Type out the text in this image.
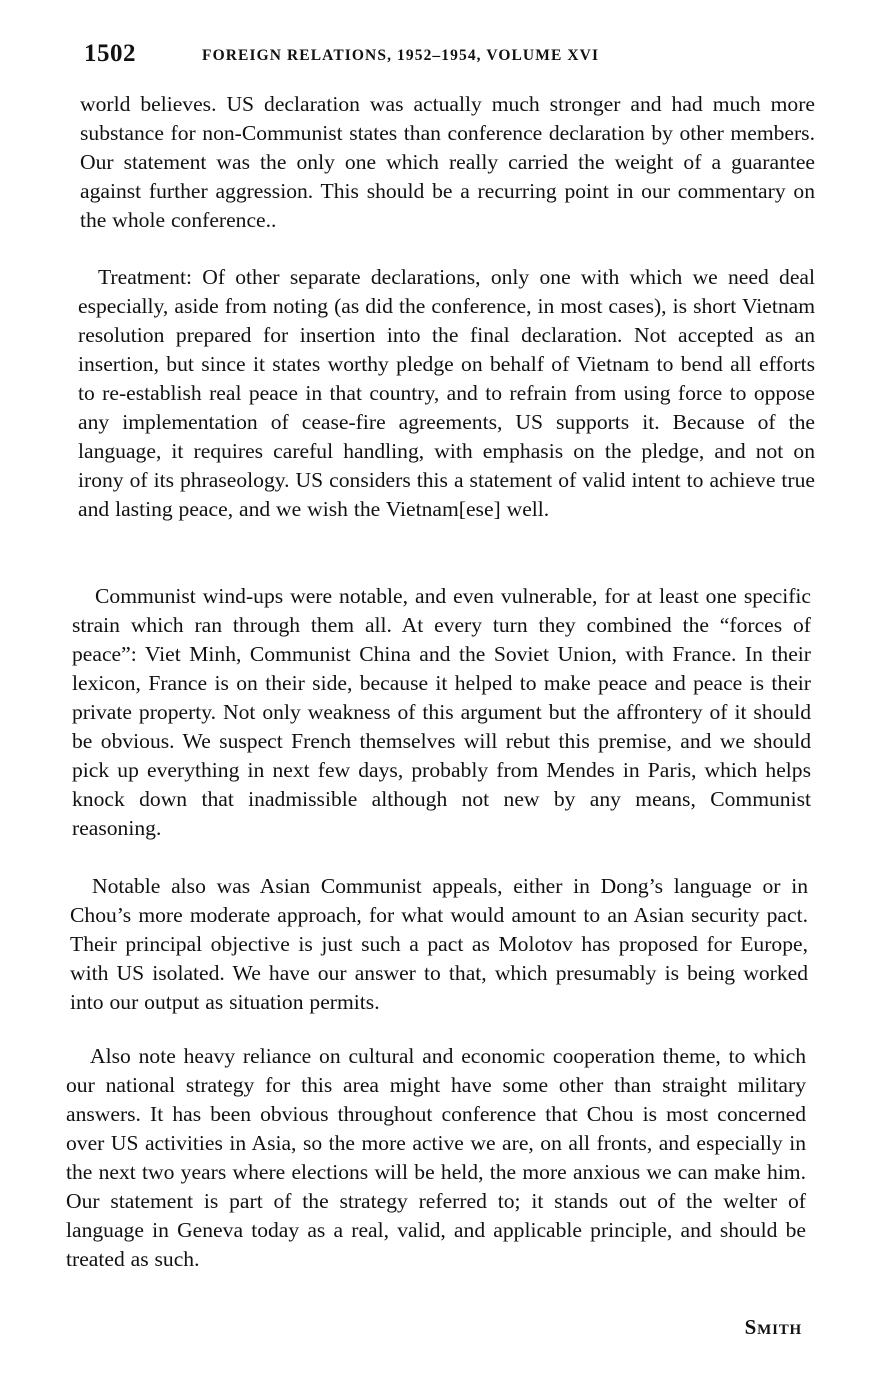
1502	FOREIGN RELATIONS, 1952–1954, VOLUME XVI

world believes. US declaration was actually much stronger and had much more substance for non-Communist states than conference declaration by other members. Our statement was the only one which really carried the weight of a guarantee against further aggression. This should be a recurring point in our commentary on the whole conference..

Treatment: Of other separate declarations, only one with which we need deal especially, aside from noting (as did the conference, in most cases), is short Vietnam resolution prepared for insertion into the final declaration. Not accepted as an insertion, but since it states worthy pledge on behalf of Vietnam to bend all efforts to re-establish real peace in that country, and to refrain from using force to oppose any implementation of cease-fire agreements, US supports it. Because of the language, it requires careful handling, with emphasis on the pledge, and not on irony of its phraseology. US considers this a statement of valid intent to achieve true and lasting peace, and we wish the Vietnam[ese] well.

Communist wind-ups were notable, and even vulnerable, for at least one specific strain which ran through them all. At every turn they combined the “forces of peace”: Viet Minh, Communist China and the Soviet Union, with France. In their lexicon, France is on their side, because it helped to make peace and peace is their private property. Not only weakness of this argument but the affrontery of it should be obvious. We suspect French themselves will rebut this premise, and we should pick up everything in next few days, probably from Mendes in Paris, which helps knock down that inadmissible although not new by any means, Communist reasoning.

Notable also was Asian Communist appeals, either in Dong’s language or in Chou’s more moderate approach, for what would amount to an Asian security pact. Their principal objective is just such a pact as Molotov has proposed for Europe, with US isolated. We have our answer to that, which presumably is being worked into our output as situation permits.

Also note heavy reliance on cultural and economic cooperation theme, to which our national strategy for this area might have some other than straight military answers. It has been obvious throughout conference that Chou is most concerned over US activities in Asia, so the more active we are, on all fronts, and especially in the next two years where elections will be held, the more anxious we can make him. Our statement is part of the strategy referred to; it stands out of the welter of language in Geneva today as a real, valid, and applicable principle, and should be treated as such.

Smith
